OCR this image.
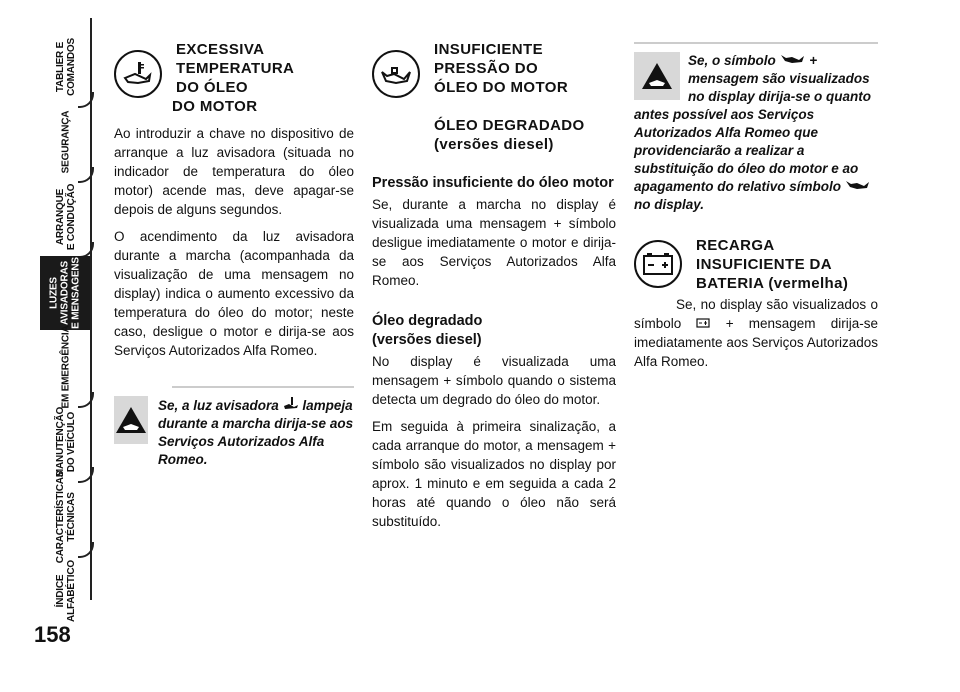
TABLIER E
COMANDOS
SEGURANÇA
ARRANQUE
E CONDUÇÃO
LUZES
AVISADORAS
E MENSAGENS
EM EMERGÊNCIA
MANUTENÇÃO
DO VEÍCULO
CARACTERÍSTICAS
TÉCNICAS
ÍNDICE
ALFABÉTICO
158
EXCESSIVA
TEMPERATURA
DO ÓLEO
DO MOTOR

Ao introduzir a chave no dispositivo de arranque a luz avisadora (situada no indicador de temperatura do óleo motor) acende mas, deve apagar-se depois de alguns segundos.

O acendimento da luz avisadora durante a marcha (acompanhada da visualização de uma mensagem no display) indica o aumento excessivo da temperatura do óleo do motor; neste caso, desligue o motor e dirija-se aos Serviços Autorizados Alfa Romeo.

Se, a luz avisadora lampeja durante a marcha dirija-se aos Serviços Autorizados Alfa Romeo.
INSUFICIENTE
PRESSÃO DO
ÓLEO DO MOTOR
ÓLEO DEGRADADO
(versões diesel)
Pressão insuficiente do óleo motor

Se, durante a marcha no display é visualizada uma mensagem + símbolo desligue imediatamente o motor e dirija-se aos Serviços Autorizados Alfa Romeo.

Óleo degradado
(versões diesel)

No display é visualizada uma mensagem + símbolo quando o sistema detecta um degrado do óleo do motor.

Em seguida à primeira sinalização, a cada arranque do motor, a mensagem + símbolo são visualizados no display por aprox. 1 minuto e em seguida a cada 2 horas até quando o óleo não será substituído.

Se, o símbolo + mensagem são visualizados no display dirija-se o quanto antes possível aos Serviços Autorizados Alfa Romeo que providenciarão a realizar a substituição do óleo do motor e ao apagamento do relativo símbolo  no display.
RECARGA
INSUFICIENTE DA
BATERIA (vermelha)

Se, no display são visualizados o símbolo	+ mensagem dirija-se imediatamente aos Serviços Autorizados Alfa Romeo.
